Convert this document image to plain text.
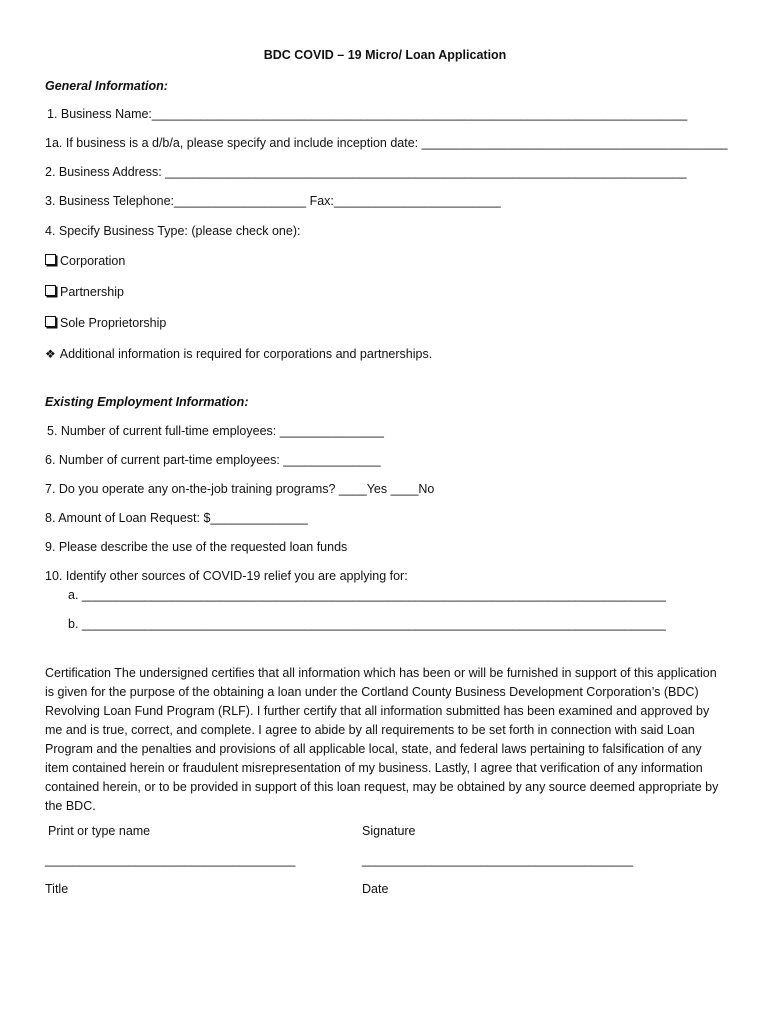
BDC COVID – 19 Micro/ Loan Application
General Information:
1. Business Name:_____________________________________________________________________________
1a. If business is a d/b/a, please specify and include inception date: ____________________________________________
2. Business Address: ___________________________________________________________________________
3. Business Telephone:___________________ Fax:________________________
4. Specify Business Type: (please check one):
Corporation
Partnership
Sole Proprietorship
❖ Additional information is required for corporations and partnerships.
Existing Employment Information:
5. Number of current full-time employees: _______________
6. Number of current part-time employees: ______________
7. Do you operate any on-the-job training programs? ____Yes ____No
8. Amount of Loan Request: $______________
9. Please describe the use of the requested loan funds
10. Identify other sources of COVID-19 relief you are applying for:
a. ____________________________________________________________________________________
b. ____________________________________________________________________________________
Certification The undersigned certifies that all information which has been or will be furnished in support of this application is given for the purpose of the obtaining a loan under the Cortland County Business Development Corporation’s (BDC) Revolving Loan Fund Program (RLF). I further certify that all information submitted has been examined and approved by me and is true, correct, and complete. I agree to abide by all requirements to be set forth in connection with said Loan Program and the penalties and provisions of all applicable local, state, and federal laws pertaining to falsification of any item contained herein or fraudulent misrepresentation of my business. Lastly, I agree that verification of any information contained herein, or to be provided in support of this loan request, may be obtained by any source deemed appropriate by the BDC.
Print or type name	Signature
____________________________________	_______________________________________
Title	Date
